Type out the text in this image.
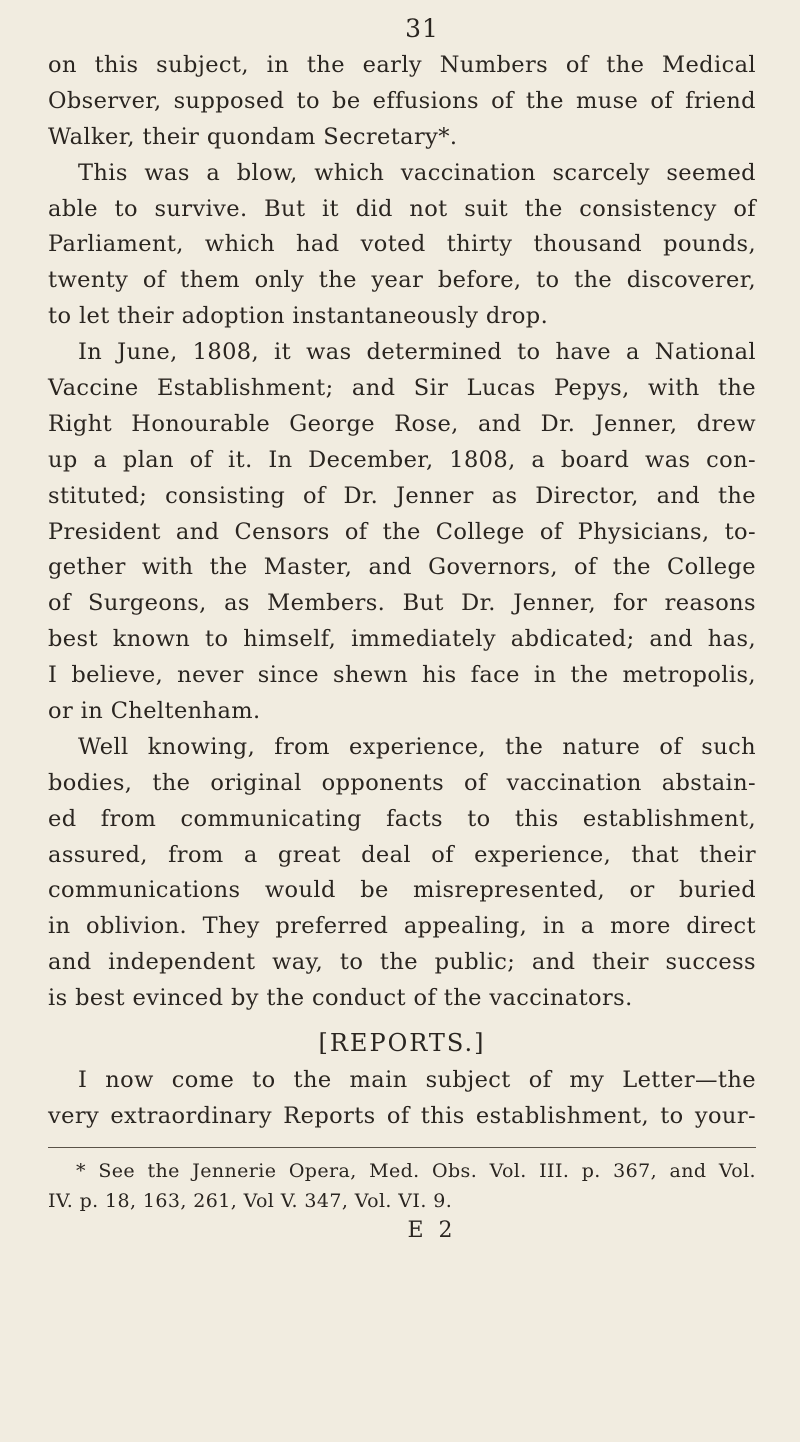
31
on this subject, in the early Numbers of the Medical
Observer, supposed to be effusions of the muse of friend
Walker, their quondam Secretary*.
This was a blow, which vaccination scarcely seemed
able to survive. But it did not suit the consistency of
Parliament, which had voted thirty thousand pounds,
twenty of them only the year before, to the discoverer,
to let their adoption instantaneously drop.
In June, 1808, it was determined to have a National
Vaccine Establishment; and Sir Lucas Pepys, with the
Right Honourable George Rose, and Dr. Jenner, drew
up a plan of it. In December, 1808, a board was con-
stituted; consisting of Dr. Jenner as Director, and the
President and Censors of the College of Physicians, to-
gether with the Master, and Governors, of the College
of Surgeons, as Members. But Dr. Jenner, for reasons
best known to himself, immediately abdicated; and has,
I believe, never since shewn his face in the metropolis,
or in Cheltenham.
Well knowing, from experience, the nature of such
bodies, the original opponents of vaccination abstain-
ed from communicating facts to this establishment,
assured, from a great deal of experience, that their
communications would be misrepresented, or buried
in oblivion. They preferred appealing, in a more direct
and independent way, to the public; and their success
is best evinced by the conduct of the vaccinators.
[REPORTS.]
I now come to the main subject of my Letter—the
very extraordinary Reports of this establishment, to your-
* See the Jennerie Opera, Med. Obs. Vol. III. p. 367, and Vol.
IV. p. 18, 163, 261, Vol V. 347, Vol. VI. 9.
E 2
